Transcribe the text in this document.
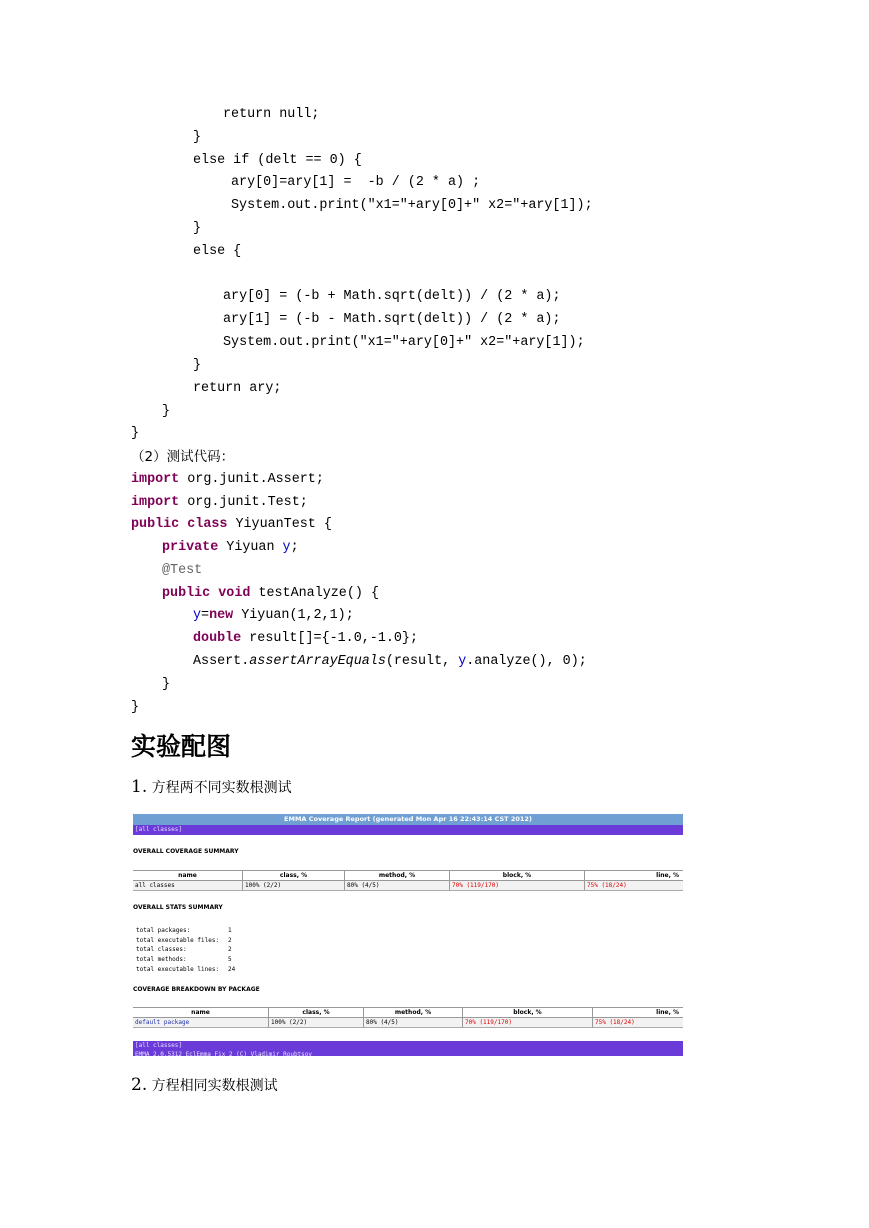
return null;
}
else if (delt == 0) {
ary[0]=ary[1] =  -b / (2 * a) ;
System.out.print("x1="+ary[0]+" x2="+ary[1]);
}
else {
ary[0] = (-b + Math.sqrt(delt)) / (2 * a);
ary[1] = (-b - Math.sqrt(delt)) / (2 * a);
System.out.print("x1="+ary[0]+" x2="+ary[1]);
}
return ary;
}
}
（2）测试代码：
import org.junit.Assert;
import org.junit.Test;
public class YiyuanTest {
private Yiyuan y;
@Test
public void testAnalyze() {
y=new Yiyuan(1,2,1);
double result[]={-1.0,-1.0};
Assert.assertArrayEquals(result, y.analyze(), 0);
}
}
实验配图
1. 方程两不同实数根测试
EMMA Coverage Report (generated Mon Apr 16 22:43:14 CST 2012)
[all classes]
OVERALL COVERAGE SUMMARY
name	class, %	method, %	block, %	line, %
all classes	100% (2/2)	80% (4/5)	70% (119/170)	75% (18/24)
OVERALL STATS SUMMARY
total packages:	1
total executable files:	2
total classes:	2
total methods:	5
total executable lines:	24
COVERAGE BREAKDOWN BY PACKAGE
name	class, %	method, %	block, %	line, %
default package	100% (2/2)	80% (4/5)	70% (119/170)	75% (18/24)
[all classes]
EMMA 2.0.5312 EclEmma Fix 2 (C) Vladimir Roubtsov
2. 方程相同实数根测试
